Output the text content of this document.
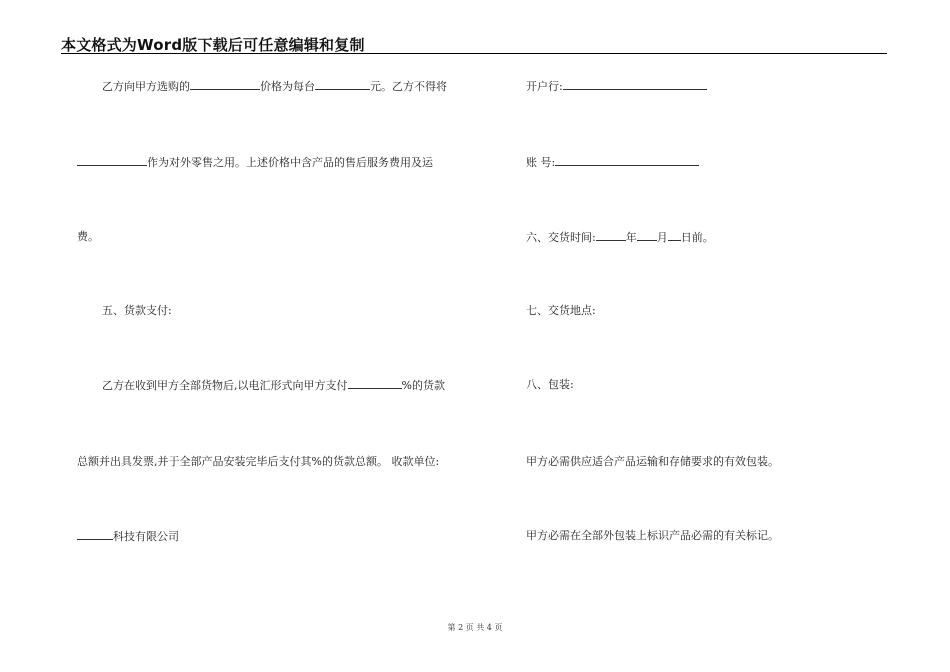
本文格式为Word版下载后可任意编辑和复制
乙方向甲方选购的	价格为每台	元。乙方不得将
作为对外零售之用。上述价格中含产品的售后服务费用及运
费。
五、货款支付:
乙方在收到甲方全部货物后,以电汇形式向甲方支付	%的货款
总额并出具发票,并于全部产品安装完毕后支付其%的货款总额。 收款单位:
科技有限公司
开户行:
账 号:
六、交货时间:	年 月 日前。
七、交货地点:
八、包装:
甲方必需供应适合产品运输和存储要求的有效包装。
甲方必需在全部外包装上标识产品必需的有关标记。
第 2 页 共 4 页
